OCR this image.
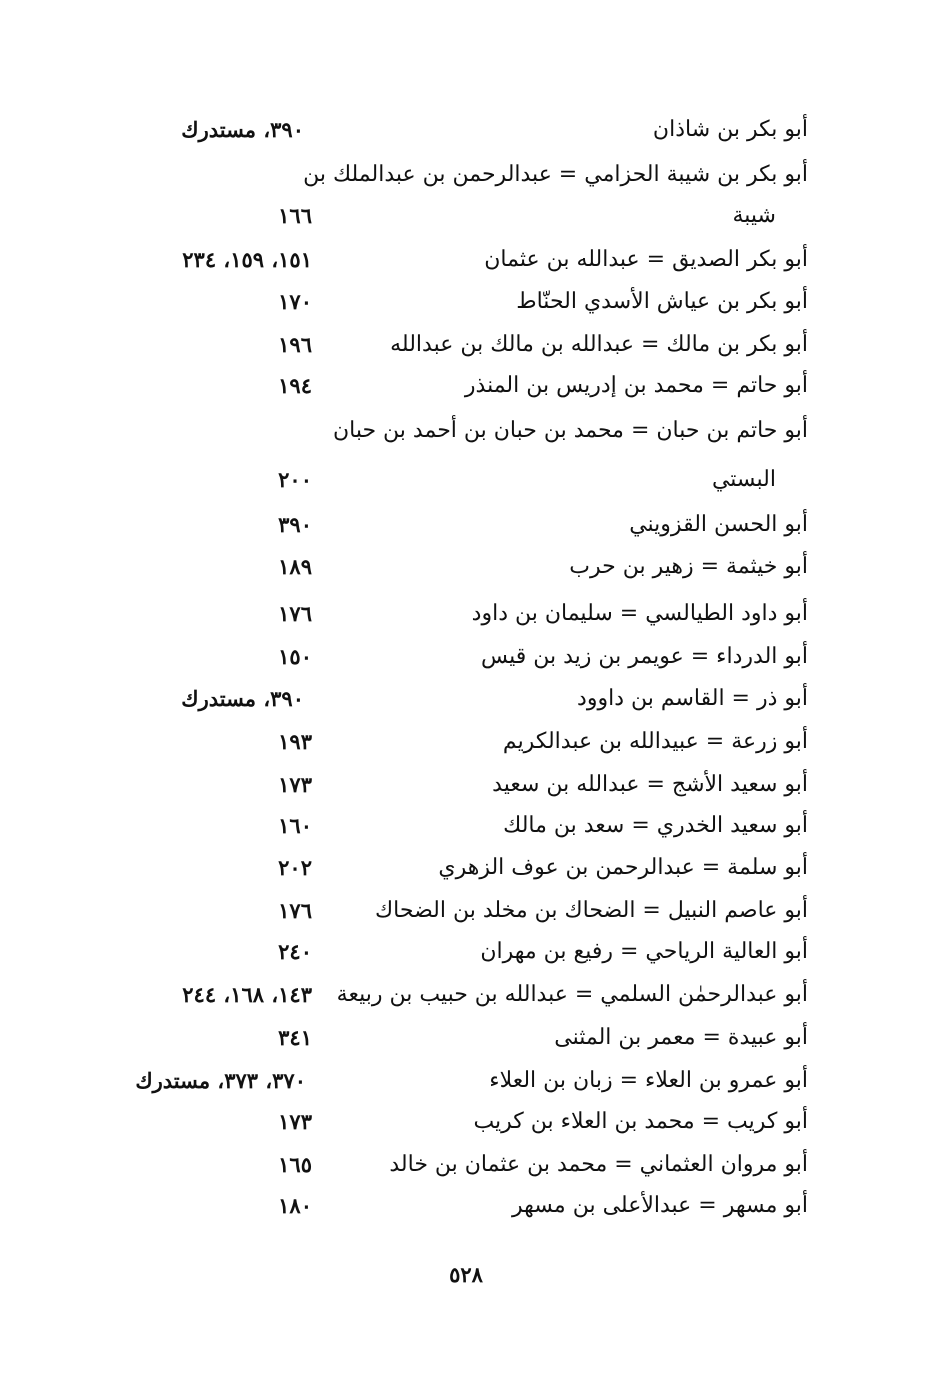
أبو بكر بن شاذان
٣٩٠، مستدرك
أبو بكر بن شيبة الحزامي = عبدالرحمن بن عبدالملك بن
شيبة
١٦٦
أبو بكر الصديق = عبدالله بن عثمان
١٥١، ١٥٩، ٢٣٤
أبو بكر بن عياش الأسدي الحنّاط
١٧٠
أبو بكر بن مالك = عبدالله بن مالك بن عبدالله
١٩٦
أبو حاتم = محمد بن إدريس بن المنذر
١٩٤
أبو حاتم بن حبان = محمد بن حبان بن أحمد بن حبان
البستي
٢٠٠
أبو الحسن القزويني
٣٩٠
أبو خيثمة = زهير بن حرب
١٨٩
أبو داود الطيالسي = سليمان بن داود
١٧٦
أبو الدرداء = عويمر بن زيد بن قيس
١٥٠
أبو ذر = القاسم بن داوود
٣٩٠، مستدرك
أبو زرعة = عبيدالله بن عبدالكريم
١٩٣
أبو سعيد الأشج = عبدالله بن سعيد
١٧٣
أبو سعيد الخدري = سعد بن مالك
١٦٠
أبو سلمة = عبدالرحمن بن عوف الزهري
٢٠٢
أبو عاصم النبيل = الضحاك بن مخلد بن الضحاك
١٧٦
أبو العالية الرياحي = رفيع بن مهران
٢٤٠
أبو عبدالرحمٰن السلمي = عبدالله بن حبيب بن ربيعة
١٤٣، ١٦٨، ٢٤٤
أبو عبيدة = معمر بن المثنى
٣٤١
أبو عمرو بن العلاء = زبان بن العلاء
٣٧٠، ٣٧٣، مستدرك
أبو كريب = محمد بن العلاء بن كريب
١٧٣
أبو مروان العثماني = محمد بن عثمان بن خالد
١٦٥
أبو مسهر = عبدالأعلى بن مسهر
١٨٠
٥٢٨
